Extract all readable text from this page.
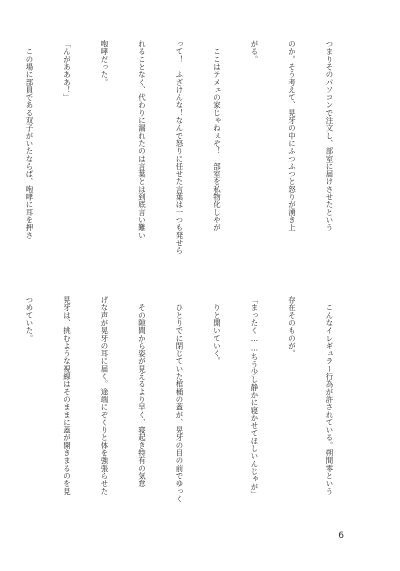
つまりそのパソコンで注文し、部室に届けさせたという

のか。そう考えて、晃牙の中にふつふつと怒りが湧き上

がる。

　ここはテメェの家じゃねぇぞ！　部室を私物化しやが

って！　ふざけんな！なんで怒りに任せた言葉は一つも発せら

れることなく、代わりに漏れたのは言葉とは到底言い難い

咆哮だった。

「んがあああ！」

　この場に部員である双子がいたならば、咆哮に耳を押さ

　こんなイレギュラー行為が許されている。朔間零という

存在そのものが。

「まったく……ちう少し静かに寝かせてほしいんじゃが」

　りと開いていく。

　ひとりでに閉じていた棺桶の蓋が、晃牙の目の前でゆっく

　その隙間から姿が見えるより早く、寝起き特有の気怠

げな声が晃牙の耳に届く。途端にぞくりと体を強張らせた

晃牙は、挑むような視線はそのままに蓋が開きまるのを見

つめていた。

6
